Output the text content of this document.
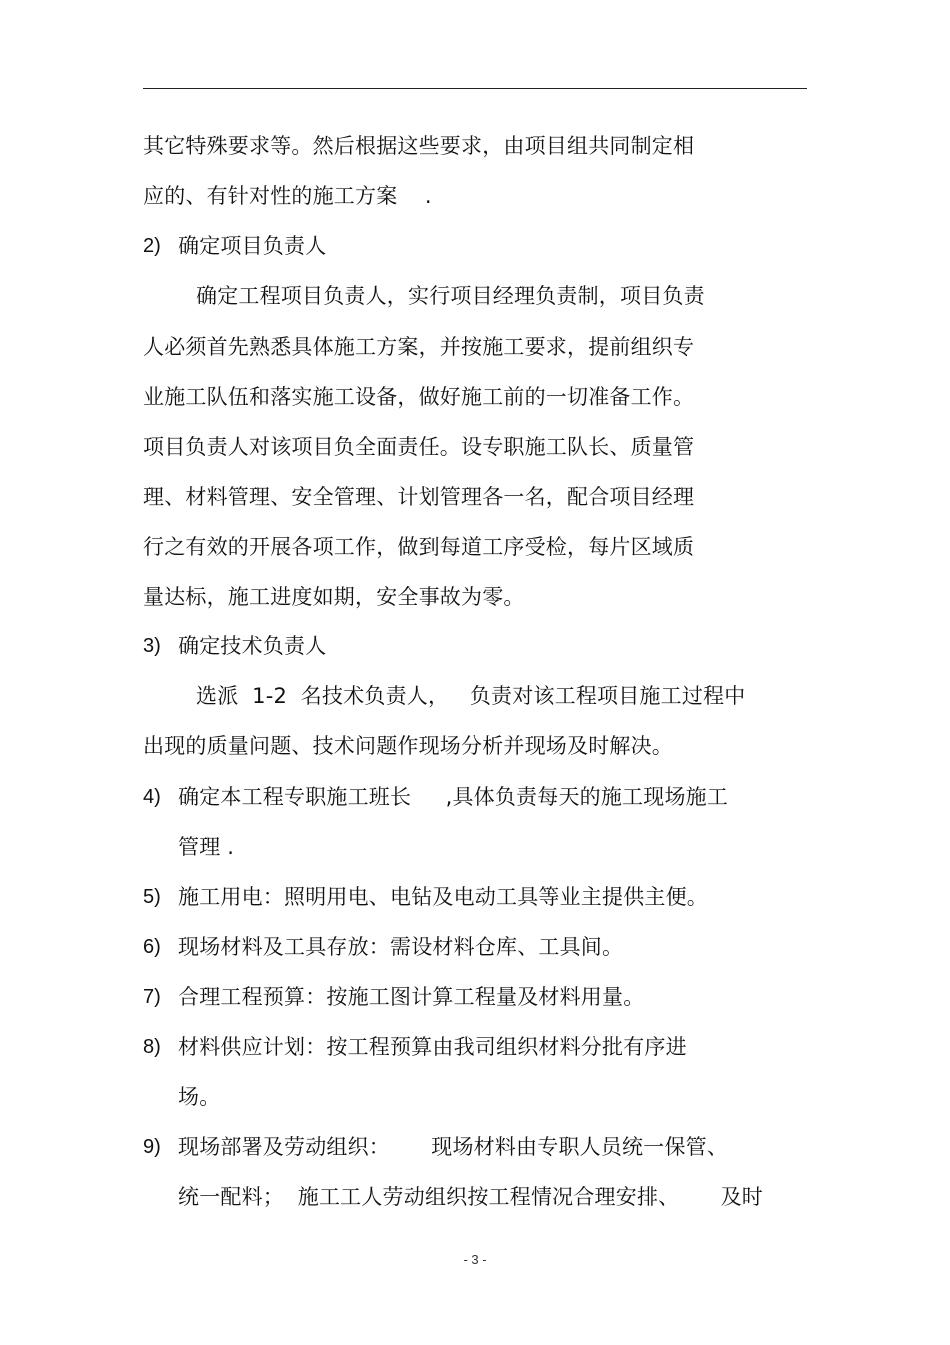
其它特殊要求等。然后根据这些要求，由项目组共同制定相
应的、有针对性的施工方案    .
2) 确定项目负责人
确定工程项目负责人，实行项目经理负责制，项目负责
人必须首先熟悉具体施工方案，并按施工要求，提前组织专
业施工队伍和落实施工设备，做好施工前的一切准备工作。
项目负责人对该项目负全面责任。设专职施工队长、质量管
理、材料管理、安全管理、计划管理各一名，配合项目经理
行之有效的开展各项工作，做到每道工序受检，每片区域质
量达标，施工进度如期，安全事故为零。
3) 确定技术负责人
选派  1-2  名技术负责人，   负责对该工程项目施工过程中
出现的质量问题、技术问题作现场分析并现场及时解决。
4) 确定本工程专职施工班长     ,具体负责每天的施工现场施工
管理 .
5) 施工用电：照明用电、电钻及电动工具等业主提供主便。
6) 现场材料及工具存放：需设材料仓库、工具间。
7) 合理工程预算：按施工图计算工程量及材料用量。
8) 材料供应计划：按工程预算由我司组织材料分批有序进
场。
9) 现场部署及劳动组织：      现场材料由专职人员统一保管、
统一配料；  施工工人劳动组织按工程情况合理安排、      及时
- 3 -
